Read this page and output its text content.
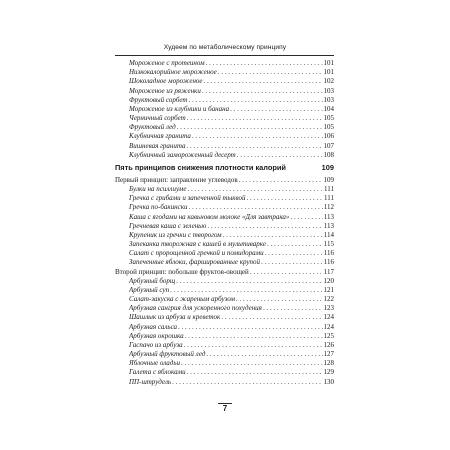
Худеем по метаболическому принципу
Мороженое с протеином . . .	101
Низкокалорийное мороженое . . .	101
Шоколадное мороженое . . .	102
Мороженое из ряженки . . .	103
Фруктовый сорбет . . .	103
Мороженое из клубники и банана . . .	104
Черничный сорбет . . .	105
Фруктовый лед . . .	105
Клубничная гранита . . .	106
Вишневая гранита . . .	107
Клубничный замороженный десерт . . .	108
Пять принципов снижения плотности калорий	109
Первый принцип: заправление углеводов . . .	109
Булки на псиллиуме . . .	111
Гречка с грибами и запеченной тыквой . . .	111
Гречка по-бакински . . .	112
Каша с ягодами на кавьновом молоке «Для завтрака» . . .	113
Гречневая каша с зеленью . . .	113
Крупеник из гречки с творогом . . .	114
Запеканка творожная с кашей в мультиварке . . .	115
Салат с пророщенной гречкой и помидорами . . .	116
Запеченные яблоки, фаршированные крупой . . .	116
Второй принцип: побольше фруктов-овощей . . .	117
Арбузный борщ . . .	120
Арбузный суп . . .	121
Салат-закуска с жареным арбузом . . .	122
Арбузная сангрия для ускоренного похудения . . .	123
Шашлык из арбуза и креветок . . .	124
Арбузная сальса . . .	124
Арбузная окрошка . . .	125
Гаспачо из арбуза . . .	126
Арбузный фруктовый лед . . .	127
Яблочные оладьи . . .	128
Галета с яблоками . . .	129
ПП-штрудель . . .	130
7
